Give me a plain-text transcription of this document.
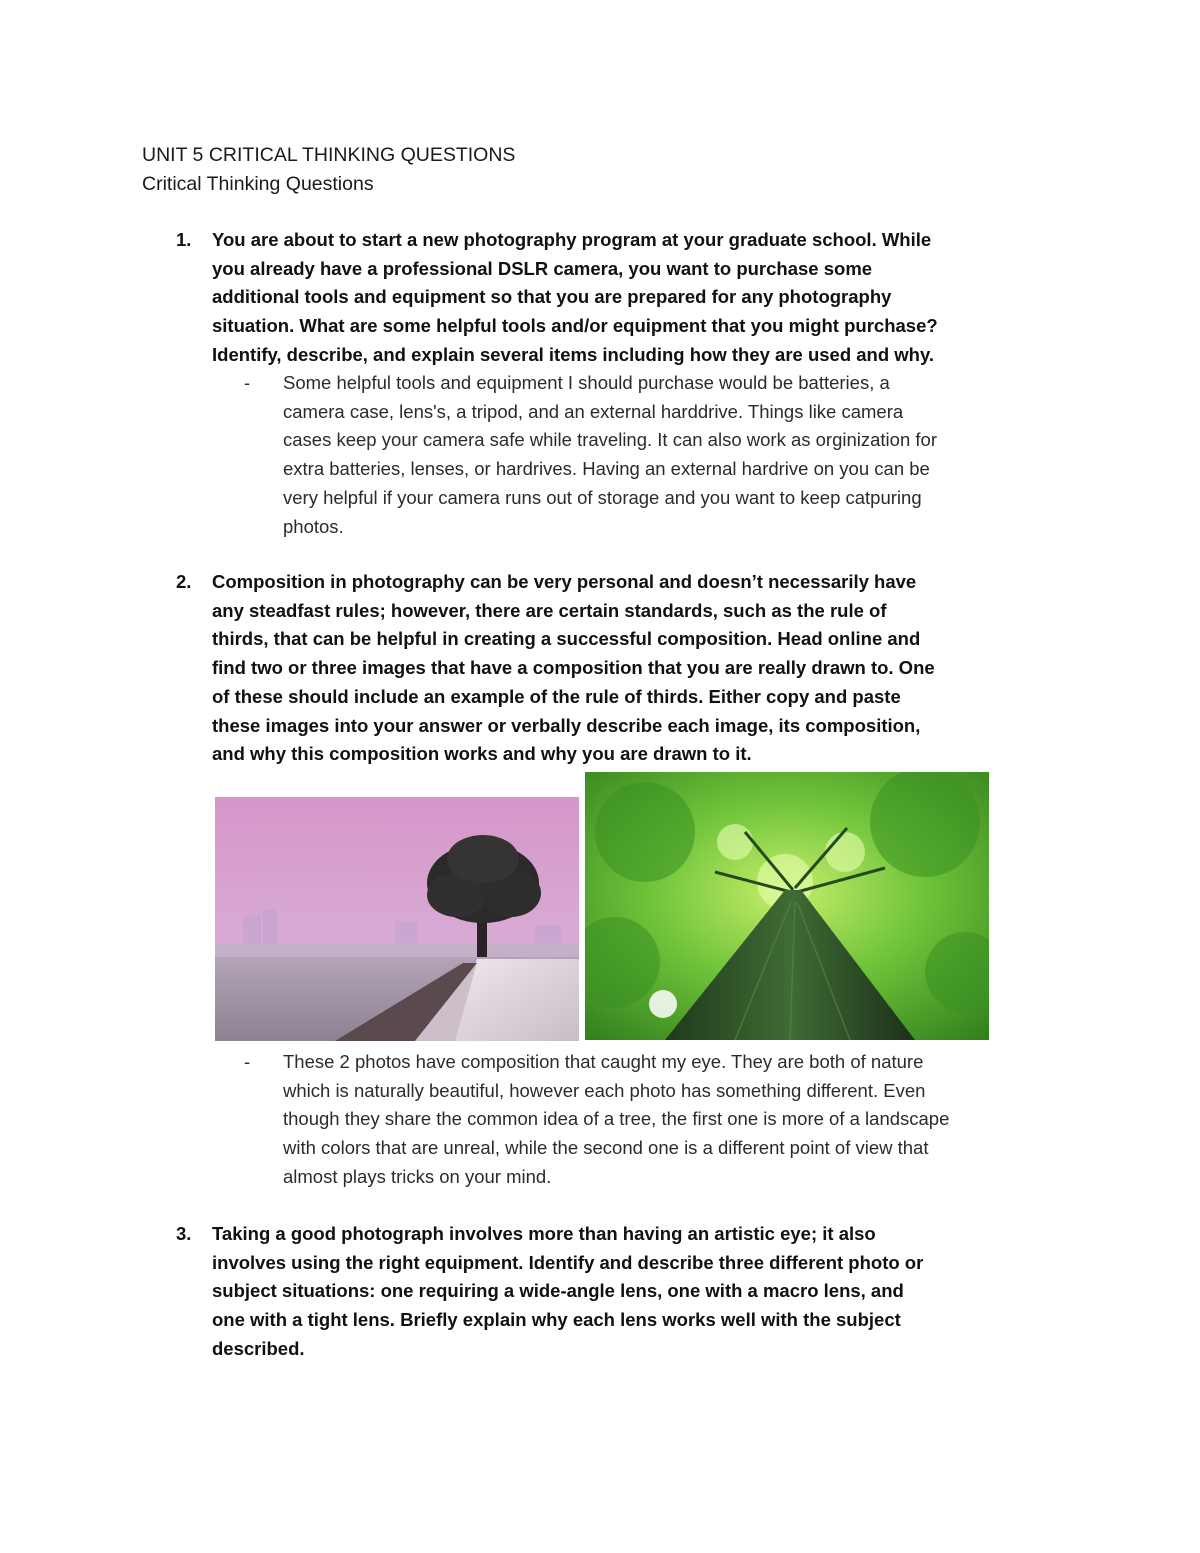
UNIT 5 CRITICAL THINKING QUESTIONS
Critical Thinking Questions
1. You are about to start a new photography program at your graduate school. While
you already have a professional DSLR camera, you want to purchase some
additional tools and equipment so that you are prepared for any photography
situation. What are some helpful tools and/or equipment that you might purchase?
Identify, describe, and explain several items including how they are used and why.
- Some helpful tools and equipment I should purchase would be batteries, a
camera case, lens's, a tripod, and an external harddrive. Things like camera
cases keep your camera safe while traveling. It can also work as orginization for
extra batteries, lenses, or hardrives. Having an external hardrive on you can be
very helpful if your camera runs out of storage and you want to keep catpuring
photos.
2. Composition in photography can be very personal and doesn’t necessarily have
any steadfast rules; however, there are certain standards, such as the rule of
thirds, that can be helpful in creating a successful composition. Head online and
find two or three images that have a composition that you are really drawn to. One
of these should include an example of the rule of thirds. Either copy and paste
these images into your answer or verbally describe each image, its composition,
and why this composition works and why you are drawn to it.
- These 2 photos have composition that caught my eye. They are both of nature
which is naturally beautiful, however each photo has something different. Even
though they share the common idea of a tree, the first one is more of a landscape
with colors that are unreal, while the second one is a different point of view that
almost plays tricks on your mind.
3. Taking a good photograph involves more than having an artistic eye; it also
involves using the right equipment. Identify and describe three different photo or
subject situations: one requiring a wide-angle lens, one with a macro lens, and
one with a tight lens. Briefly explain why each lens works well with the subject
described.
